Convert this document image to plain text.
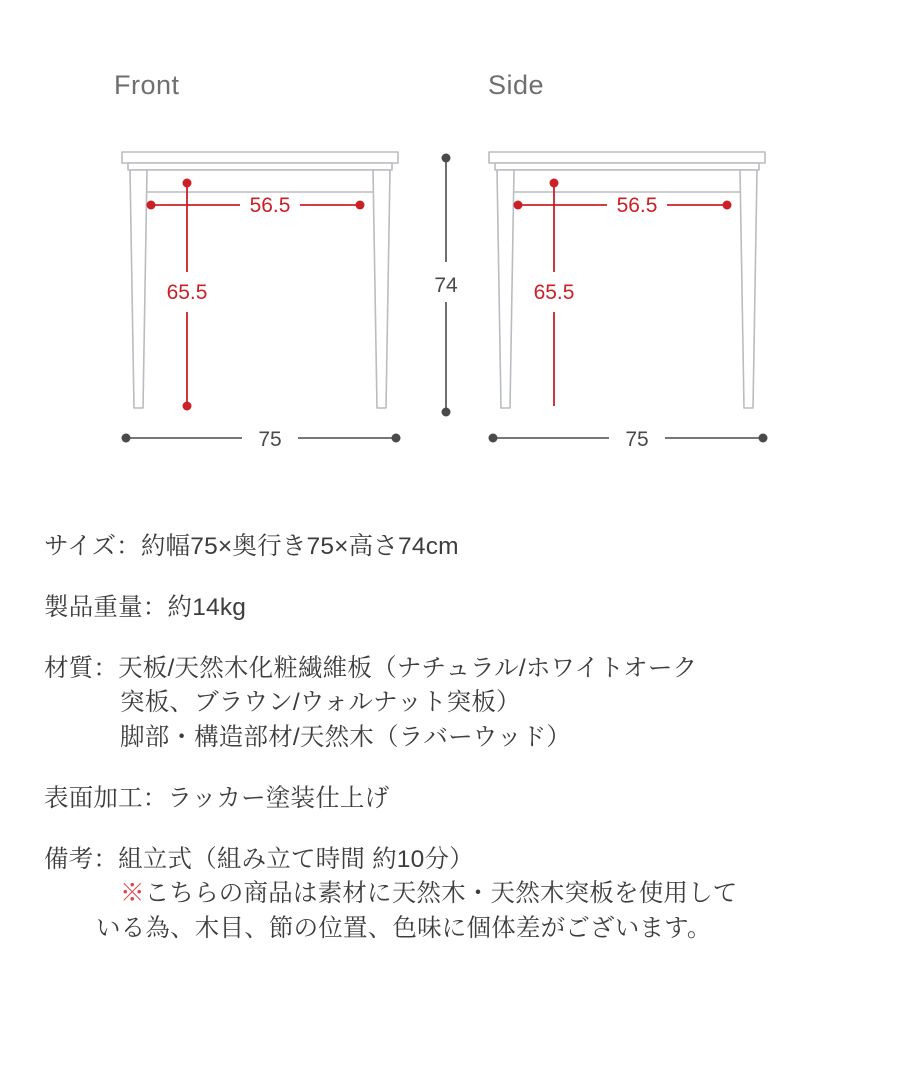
Front	Side
56.5
65.5
75
74
56.5
65.5
75
サイズ：約幅75×奥行き75×高さ74cm
製品重量：約14kg
材質：天板/天然木化粧繊維板（ナチュラル/ホワイトオーク
突板、ブラウン/ウォルナット突板）
脚部・構造部材/天然木（ラバーウッド）
表面加工：ラッカー塗装仕上げ
備考：組立式（組み立て時間 約10分）
※こちらの商品は素材に天然木・天然木突板を使用して
いる為、木目、節の位置、色味に個体差がございます。
